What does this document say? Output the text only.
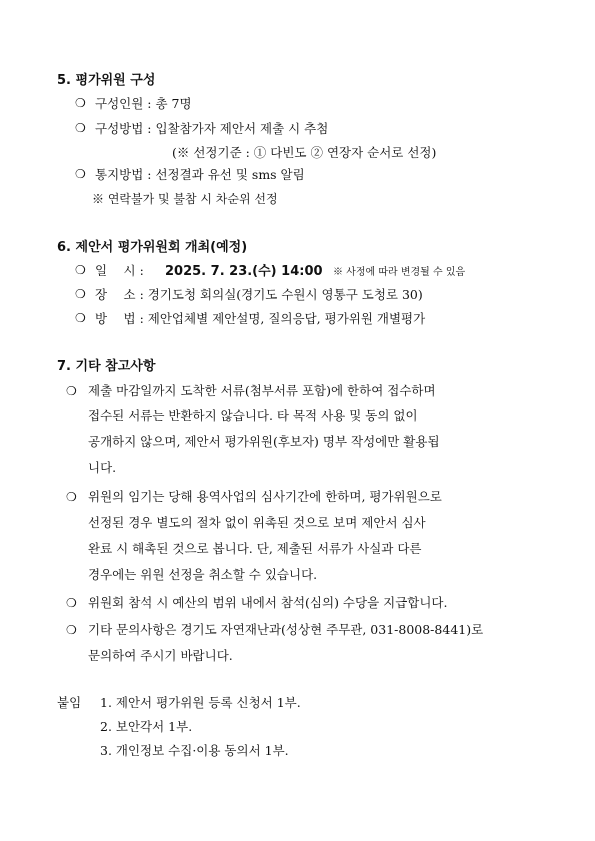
5. 평가위원 구성
❍ 구성인원 : 총 7명
❍ 구성방법 : 입찰참가자 제안서 제출 시 추첨
(※ 선정기준 : ① 다빈도 ② 연장자 순서로 선정)
❍ 통지방법 : 선정결과 유선 및 sms 알림
※ 연락불가 및 불참 시 차순위 선정
6. 제안서 평가위원회 개최(예정)
❍ 일　 시 : 2025. 7. 23.(수) 14:00 ※ 사정에 따라 변경될 수 있음
❍ 장　 소 : 경기도청 회의실(경기도 수원시 영통구 도청로 30)
❍ 방　 법 : 제안업체별 제안설명, 질의응답, 평가위원 개별평가
7. 기타 참고사항
❍ 제출 마감일까지 도착한 서류(첨부서류 포함)에 한하여 접수하며
접수된 서류는 반환하지 않습니다. 타 목적 사용 및 동의 없이
공개하지 않으며, 제안서 평가위원(후보자) 명부 작성에만 활용됩
니다.
❍ 위원의 임기는 당해 용역사업의 심사기간에 한하며, 평가위원으로
선정된 경우 별도의 절차 없이 위촉된 것으로 보며 제안서 심사
완료 시 해촉된 것으로 봅니다. 단, 제출된 서류가 사실과 다른
경우에는 위원 선정을 취소할 수 있습니다.
❍ 위원회 참석 시 예산의 범위 내에서 참석(심의) 수당을 지급합니다.
❍ 기타 문의사항은 경기도 자연재난과(성상현 주무관, 031-8008-8441)로
문의하여 주시기 바랍니다.
붙임 1. 제안서 평가위원 등록 신청서 1부.
2. 보안각서 1부.
3. 개인정보 수집·이용 동의서 1부.
